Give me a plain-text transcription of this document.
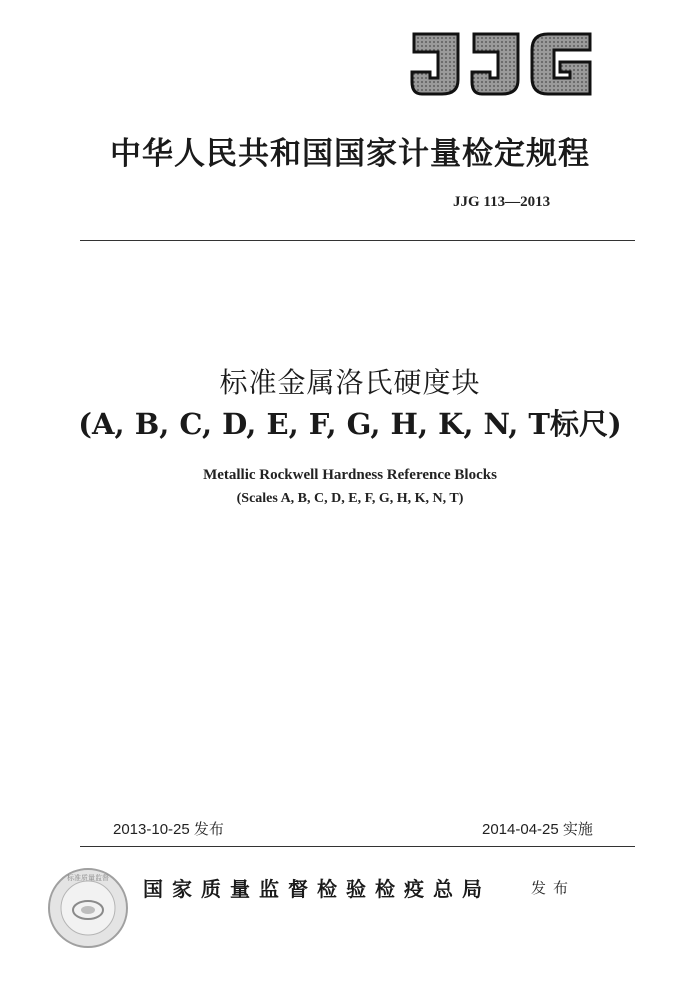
中华人民共和国国家计量检定规程
JJG 113—2013
标准金属洛氏硬度块
(A, B, C, D, E, F, G, H, K, N, T标尺)
Metallic Rockwell Hardness Reference Blocks
(Scales A, B, C, D, E, F, G, H, K, N, T)
2013-10-25 发布	2014-04-25 实施
标准质量监督 国家质量监督检验检疫总局	发布
